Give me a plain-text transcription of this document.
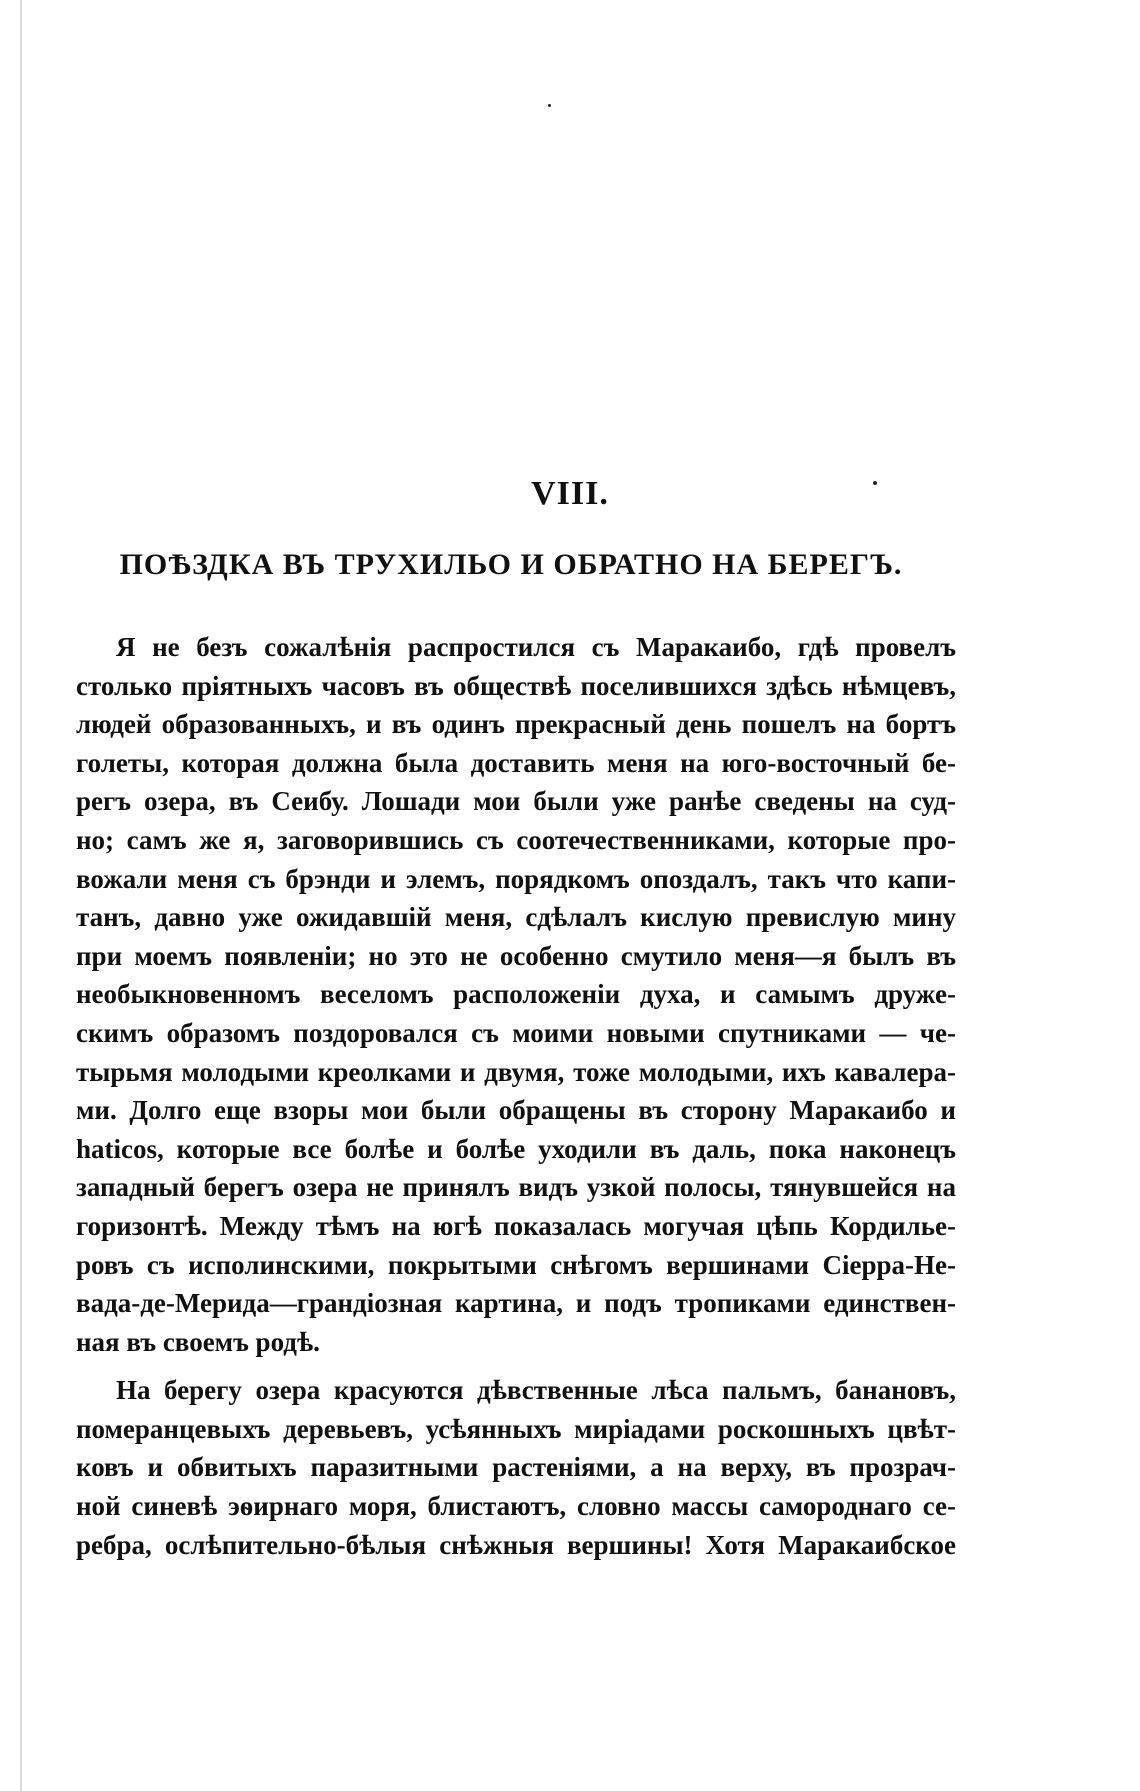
VIII.
ПОѢЗДКА ВЪ ТРУХИЛЬО И ОБРАТНО НА БЕРЕГЪ.
Я не безъ сожалѣнія распростился съ Маракаибо, гдѣ провелъ
столько пріятныхъ часовъ въ обществѣ поселившихся здѣсь нѣмцевъ,
людей образованныхъ, и въ одинъ прекрасный день пошелъ на бортъ
голеты, которая должна была доставить меня на юго-восточный бе-
регъ озера, въ Сеибу. Лошади мои были уже ранѣе сведены на суд-
но; самъ же я, заговорившись съ соотечественниками, которые про-
вожали меня съ брэнди и элемъ, порядкомъ опоздалъ, такъ что капи-
танъ, давно уже ожидавшій меня, сдѣлалъ кислую превислую мину
при моемъ появленіи; но это не особенно смутило меня—я былъ въ
необыкновенномъ веселомъ расположеніи духа, и самымъ друже-
скимъ образомъ поздоровался съ моими новыми спутниками — че-
тырьмя молодыми креолками и двумя, тоже молодыми, ихъ кавалера-
ми. Долго еще взоры мои были обращены въ сторону Маракаибо и
haticos, которые все болѣе и болѣе уходили въ даль, пока наконецъ
западный берегъ озера не принялъ видъ узкой полосы, тянувшейся на
горизонтѣ. Между тѣмъ на югѣ показалась могучая цѣпь Кордильe-
ровъ съ исполинскими, покрытыми снѣгомъ вершинами Сіерра-Не-
вада-де-Мерида—грандіозная картина, и подъ тропиками единствен-
ная въ своемъ родѣ.
На берегу озера красуются дѣвственные лѣса пальмъ, банановъ,
померанцевыхъ деревьевъ, усѣянныхъ миріадами роскошныхъ цвѣт-
ковъ и обвитыхъ паразитными растеніями, а на верху, въ прозрач-
ной синевѣ эѳирнаго моря, блистаютъ, словно массы самороднаго се-
ребра, ослѣпительно-бѣлыя снѣжныя вершины! Хотя Маракаибское
